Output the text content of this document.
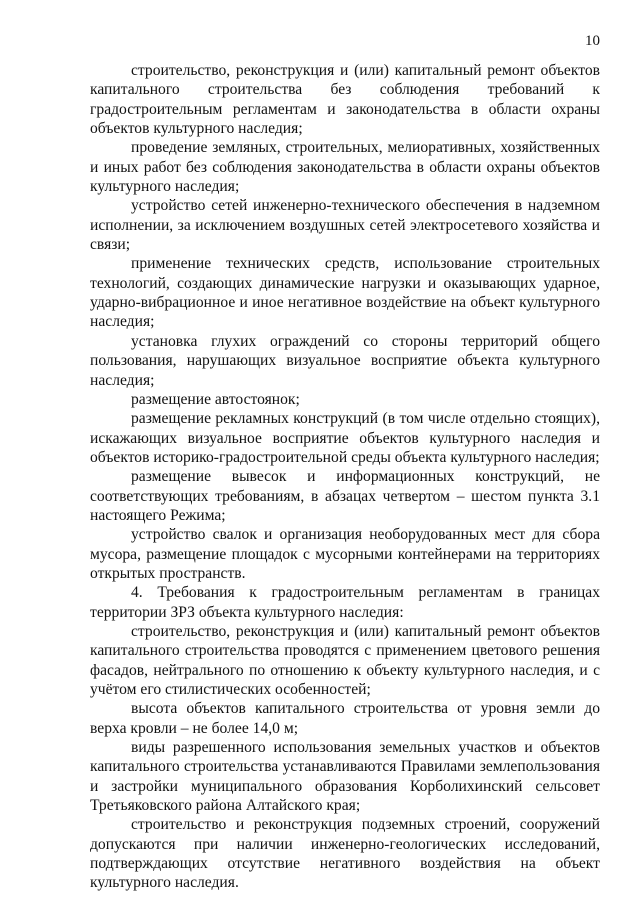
10

строительство, реконструкция и (или) капитальный ремонт объектов капитального строительства без соблюдения требований к градостроительным регламентам и законодательства в области охраны объектов культурного наследия;

проведение земляных, строительных, мелиоративных, хозяйственных и иных работ без соблюдения законодательства в области охраны объектов культурного наследия;

устройство сетей инженерно-технического обеспечения в надземном исполнении, за исключением воздушных сетей электросетевого хозяйства и связи;

применение технических средств, использование строительных технологий, создающих динамические нагрузки и оказывающих ударное, ударно-вибрационное и иное негативное воздействие на объект культурного наследия;

установка глухих ограждений со стороны территорий общего пользования, нарушающих визуальное восприятие объекта культурного наследия;

размещение автостоянок;

размещение рекламных конструкций (в том числе отдельно стоящих), искажающих визуальное восприятие объектов культурного наследия и объектов историко-градостроительной среды объекта культурного наследия;

размещение вывесок и информационных конструкций, не соответствующих требованиям, в абзацах четвертом – шестом пункта 3.1 настоящего Режима;

устройство свалок и организация необорудованных мест для сбора мусора, размещение площадок с мусорными контейнерами на территориях открытых пространств.

4. Требования к градостроительным регламентам в границах территории ЗРЗ объекта культурного наследия:

строительство, реконструкция и (или) капитальный ремонт объектов капитального строительства проводятся с применением цветового решения фасадов, нейтрального по отношению к объекту культурного наследия, и с учётом его стилистических особенностей;

высота объектов капитального строительства от уровня земли до верха кровли – не более 14,0 м;

виды разрешенного использования земельных участков и объектов капитального строительства устанавливаются Правилами землепользования и застройки муниципального образования Корболихинский сельсовет Третьяковского района Алтайского края;

строительство и реконструкция подземных строений, сооружений допускаются при наличии инженерно-геологических исследований, подтверждающих отсутствие негативного воздействия на объект культурного наследия.
